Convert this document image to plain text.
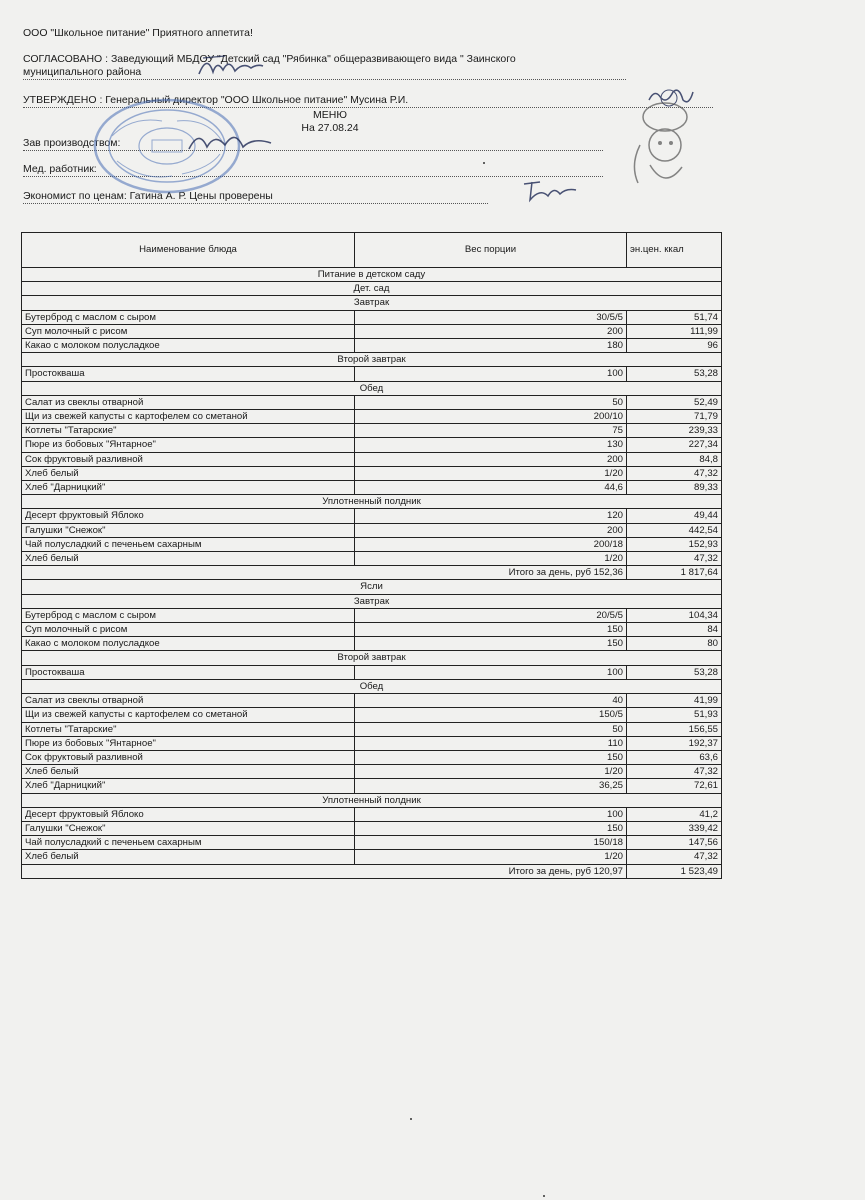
ООО "Школьное питание" Приятного аппетита!
СОГЛАСОВАНО : Заведующий МБДОУ "Детский сад "Рябинка" общеразвивающего вида " Заинского
муниципального района
УТВЕРЖДЕНО : Генеральный директор "ООО Школьное питание" Мусина Р.И.
МЕНЮ
На 27.08.24
Зав производством:
Мед. работник:
Экономист по ценам: Гатина А. Р. Цены проверены
Наименование блюда	Вес порции	эн.цен. ккал
Питание в детском саду		
Дет. сад		
Завтрак		
Бутерброд с маслом с сыром	30/5/5	51,74
Суп молочный с рисом	200	111,99
Какао с молоком полусладкое	180	96
Второй завтрак		
Простокваша	100	53,28
Обед		
Салат из свеклы отварной	50	52,49
Щи из свежей капусты с картофелем со сметаной	200/10	71,79
Котлеты "Татарские"	75	239,33
Пюре из бобовых "Янтарное"	130	227,34
Сок фруктовый разливной	200	84,8
Хлеб белый	1/20	47,32
Хлеб "Дарницкий"	44,6	89,33
Уплотненный полдник		
Десерт фруктовый Яблоко	120	49,44
Галушки "Снежок"	200	442,54
Чай полусладкий с печеньем сахарным	200/18	152,93
Хлеб белый	1/20	47,32
	Итого за день, руб 152,36	1 817,64
Ясли		
Завтрак		
Бутерброд с маслом с сыром	20/5/5	104,34
Суп молочный с рисом	150	84
Какао с молоком полусладкое	150	80
Второй завтрак		
Простокваша	100	53,28
Обед		
Салат из свеклы отварной	40	41,99
Щи из свежей капусты с картофелем со сметаной	150/5	51,93
Котлеты "Татарские"	50	156,55
Пюре из бобовых "Янтарное"	110	192,37
Сок фруктовый разливной	150	63,6
Хлеб белый	1/20	47,32
Хлеб "Дарницкий"	36,25	72,61
Уплотненный полдник		
Десерт фруктовый Яблоко	100	41,2
Галушки "Снежок"	150	339,42
Чай полусладкий с печеньем сахарным	150/18	147,56
Хлеб белый	1/20	47,32
	Итого за день, руб 120,97	1 523,49
